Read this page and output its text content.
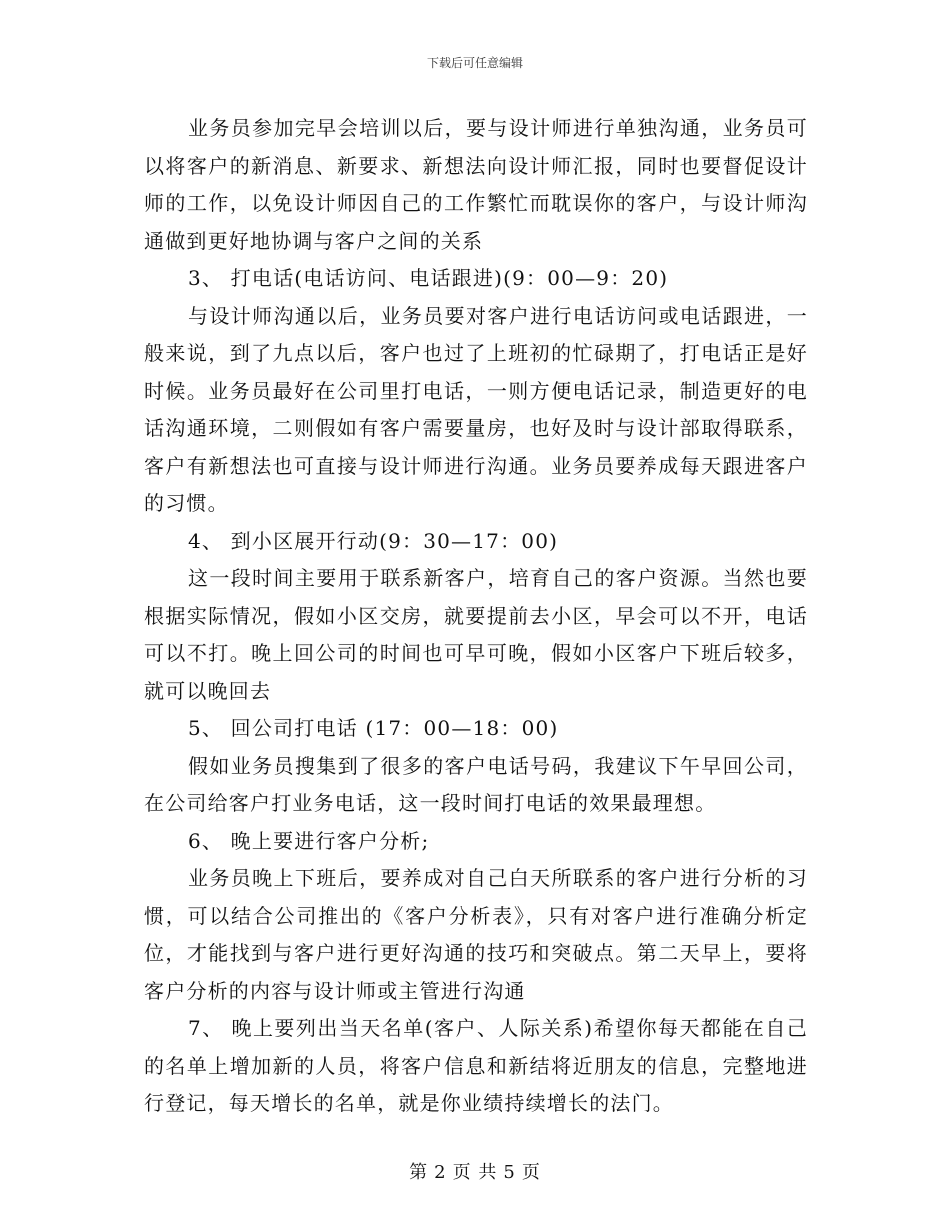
下载后可任意编辑

业务员参加完早会培训以后，要与设计师进行单独沟通，业务员可以将客户的新消息、新要求、新想法向设计师汇报，同时也要督促设计师的工作，以免设计师因自己的工作繁忙而耽误你的客户，与设计师沟通做到更好地协调与客户之间的关系

3、 打电话(电话访问、电话跟进)(9：00—9：20)

与设计师沟通以后，业务员要对客户进行电话访问或电话跟进，一般来说，到了九点以后，客户也过了上班初的忙碌期了，打电话正是好时候。业务员最好在公司里打电话，一则方便电话记录，制造更好的电话沟通环境，二则假如有客户需要量房，也好及时与设计部取得联系，客户有新想法也可直接与设计师进行沟通。业务员要养成每天跟进客户的习惯。

4、 到小区展开行动(9：30—17：00)

这一段时间主要用于联系新客户，培育自己的客户资源。当然也要根据实际情况，假如小区交房，就要提前去小区，早会可以不开，电话可以不打。晚上回公司的时间也可早可晚，假如小区客户下班后较多，就可以晚回去

5、 回公司打电话 (17：00—18：00)

假如业务员搜集到了很多的客户电话号码，我建议下午早回公司，在公司给客户打业务电话，这一段时间打电话的效果最理想。

6、 晚上要进行客户分析;

业务员晚上下班后，要养成对自己白天所联系的客户进行分析的习惯，可以结合公司推出的《客户分析表》，只有对客户进行准确分析定位，才能找到与客户进行更好沟通的技巧和突破点。第二天早上，要将客户分析的内容与设计师或主管进行沟通

7、 晚上要列出当天名单(客户、人际关系)希望你每天都能在自己的名单上增加新的人员，将客户信息和新结将近朋友的信息，完整地进行登记，每天增长的名单，就是你业绩持续增长的法门。

第 2 页 共 5 页
